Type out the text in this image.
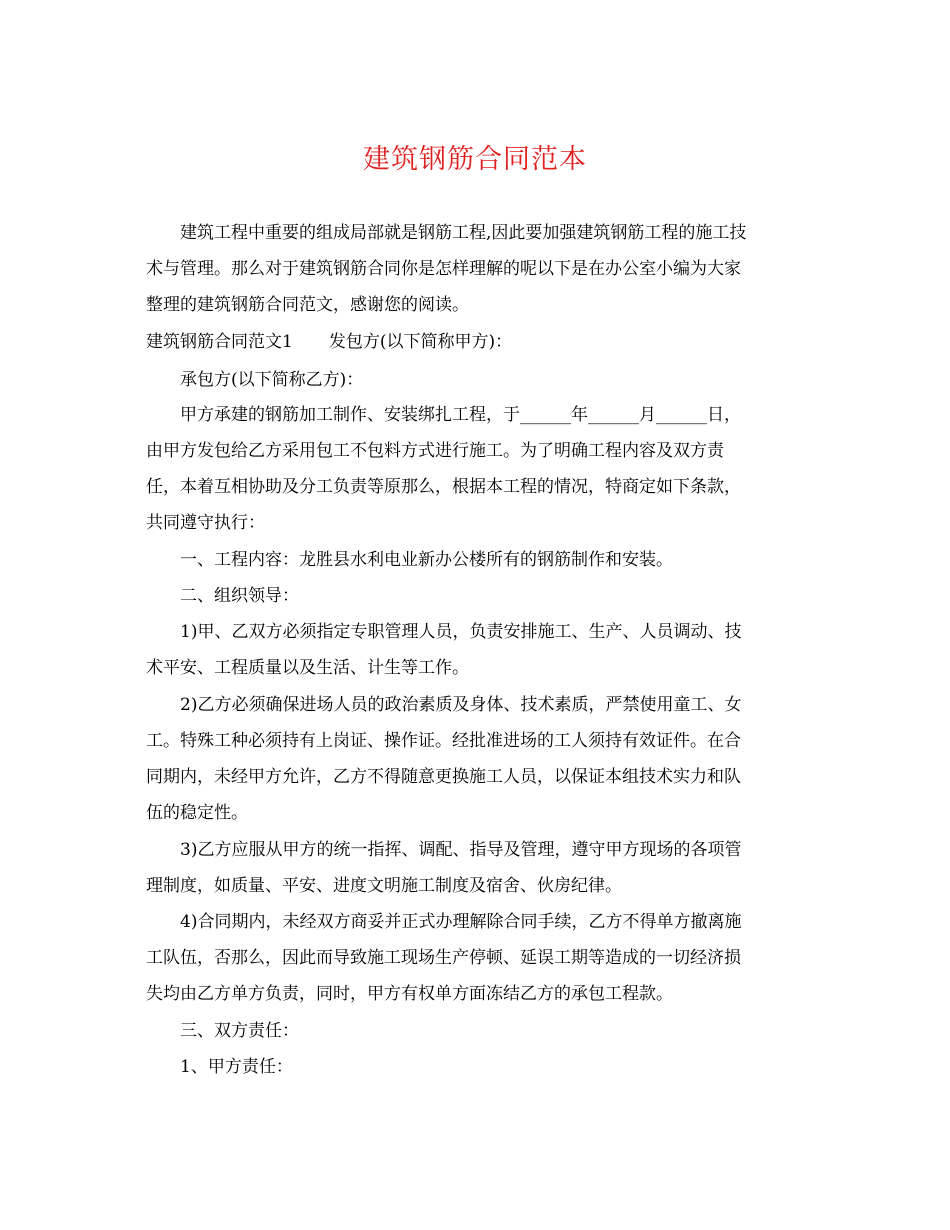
建筑钢筋合同范本
建筑工程中重要的组成局部就是钢筋工程,因此要加强建筑钢筋工程的施工技
术与管理。那么对于建筑钢筋合同你是怎样理解的呢以下是在办公室小编为大家
整理的建筑钢筋合同范文，感谢您的阅读。
建筑钢筋合同范文1 发包方(以下简称甲方)：
承包方(以下简称乙方)：
甲方承建的钢筋加工制作、安装绑扎工程，于______年______月______日，
由甲方发包给乙方采用包工不包料方式进行施工。为了明确工程内容及双方责
任，本着互相协助及分工负责等原那么，根据本工程的情况，特商定如下条款，
共同遵守执行：
一、工程内容：龙胜县水利电业新办公楼所有的钢筋制作和安装。
二、组织领导：
1)甲、乙双方必须指定专职管理人员，负责安排施工、生产、人员调动、技
术平安、工程质量以及生活、计生等工作。
2)乙方必须确保进场人员的政治素质及身体、技术素质，严禁使用童工、女
工。特殊工种必须持有上岗证、操作证。经批准进场的工人须持有效证件。在合
同期内，未经甲方允许，乙方不得随意更换施工人员，以保证本组技术实力和队
伍的稳定性。
3)乙方应服从甲方的统一指挥、调配、指导及管理，遵守甲方现场的各项管
理制度，如质量、平安、进度文明施工制度及宿舍、伙房纪律。
4)合同期内，未经双方商妥并正式办理解除合同手续，乙方不得单方撤离施
工队伍，否那么，因此而导致施工现场生产停顿、延误工期等造成的一切经济损
失均由乙方单方负责，同时，甲方有权单方面冻结乙方的承包工程款。
三、双方责任：
1、甲方责任：
